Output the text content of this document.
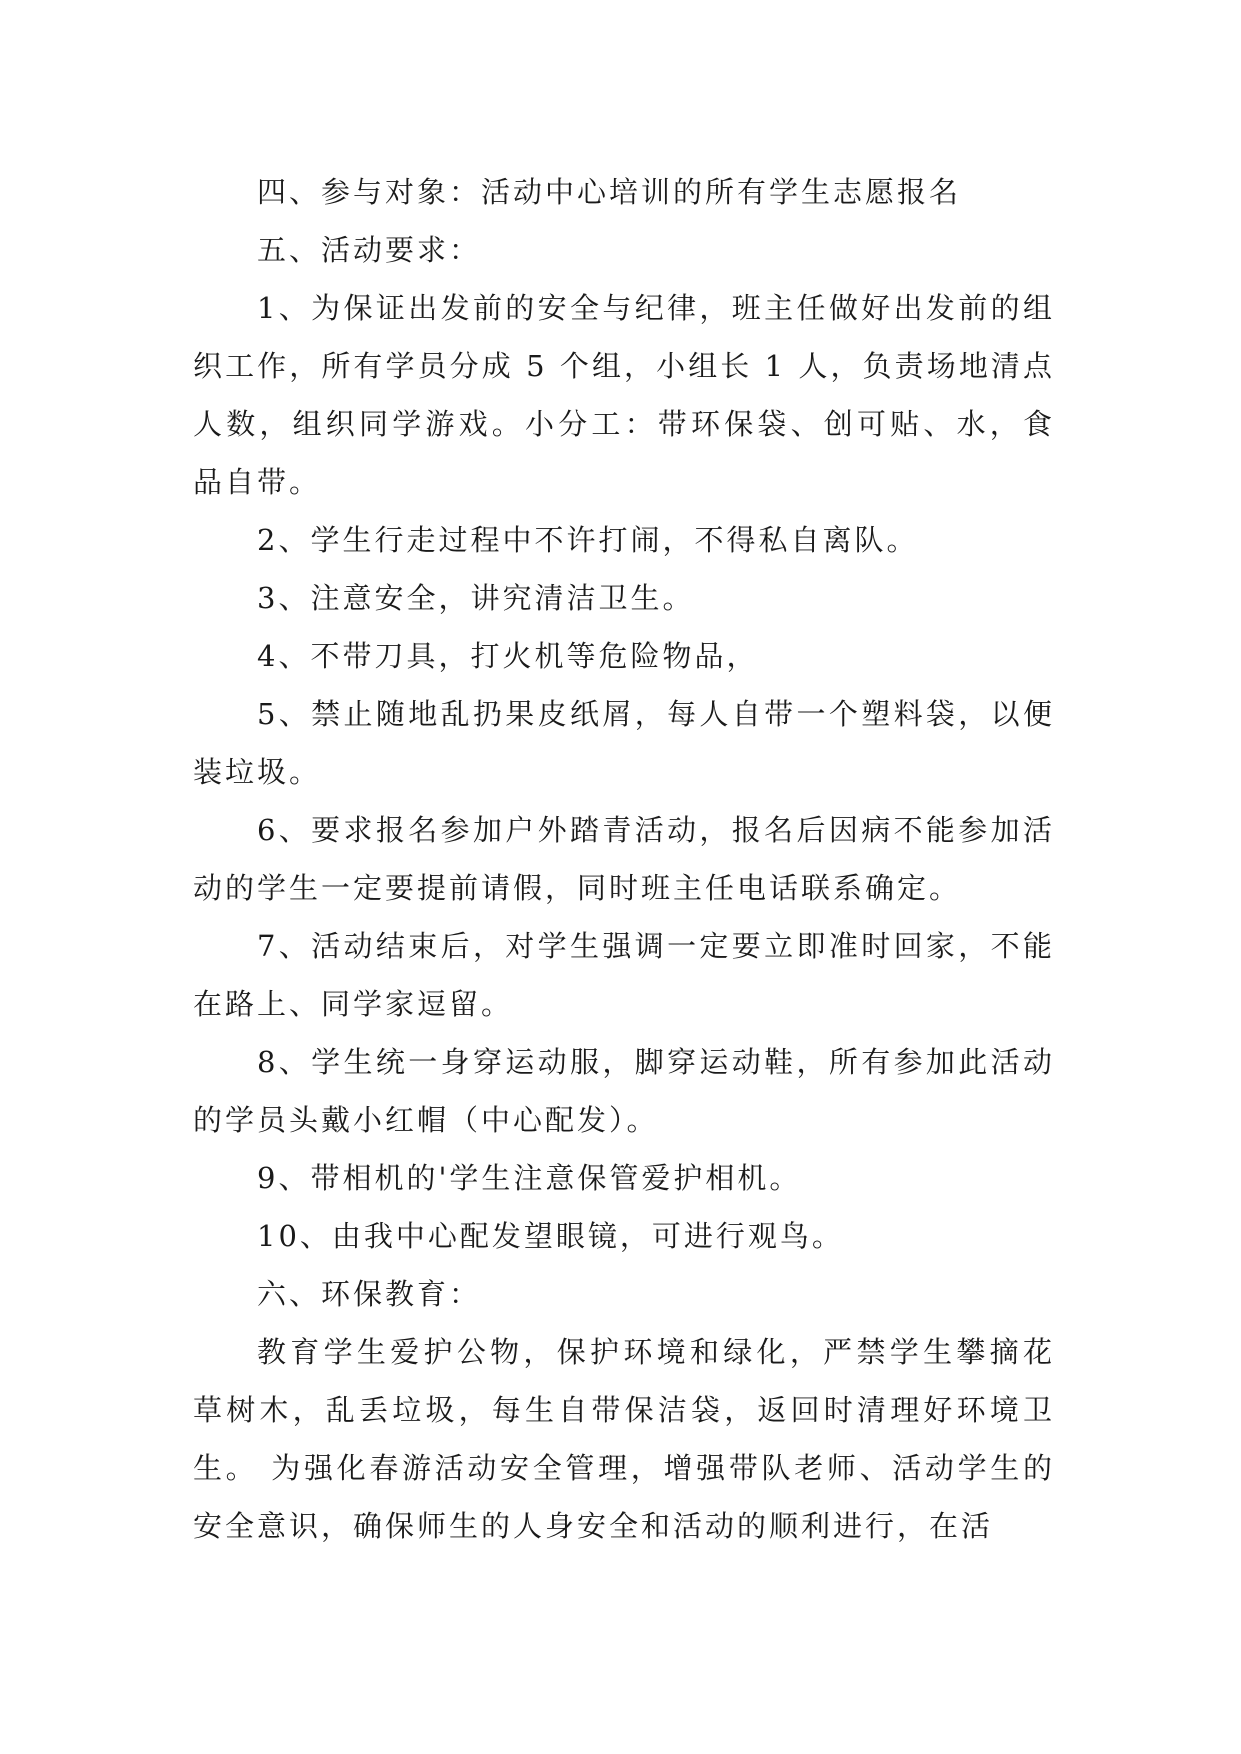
四、参与对象：活动中心培训的所有学生志愿报名

五、活动要求：

1、为保证出发前的安全与纪律，班主任做好出发前的组织工作，所有学员分成 5 个组，小组长 1 人，负责场地清点人数，组织同学游戏。小分工：带环保袋、创可贴、水，食品自带。

2、学生行走过程中不许打闹，不得私自离队。

3、注意安全，讲究清洁卫生。

4、不带刀具，打火机等危险物品，

5、禁止随地乱扔果皮纸屑，每人自带一个塑料袋，以便装垃圾。

6、要求报名参加户外踏青活动，报名后因病不能参加活动的学生一定要提前请假，同时班主任电话联系确定。

7、活动结束后，对学生强调一定要立即准时回家，不能在路上、同学家逗留。

8、学生统一身穿运动服，脚穿运动鞋，所有参加此活动的学员头戴小红帽（中心配发）。

9、带相机的'学生注意保管爱护相机。

10、由我中心配发望眼镜，可进行观鸟。

六、环保教育：

教育学生爱护公物，保护环境和绿化，严禁学生攀摘花草树木，乱丢垃圾，每生自带保洁袋，返回时清理好环境卫生。 为强化春游活动安全管理，增强带队老师、活动学生的安全意识，确保师生的人身安全和活动的顺利进行，在活
